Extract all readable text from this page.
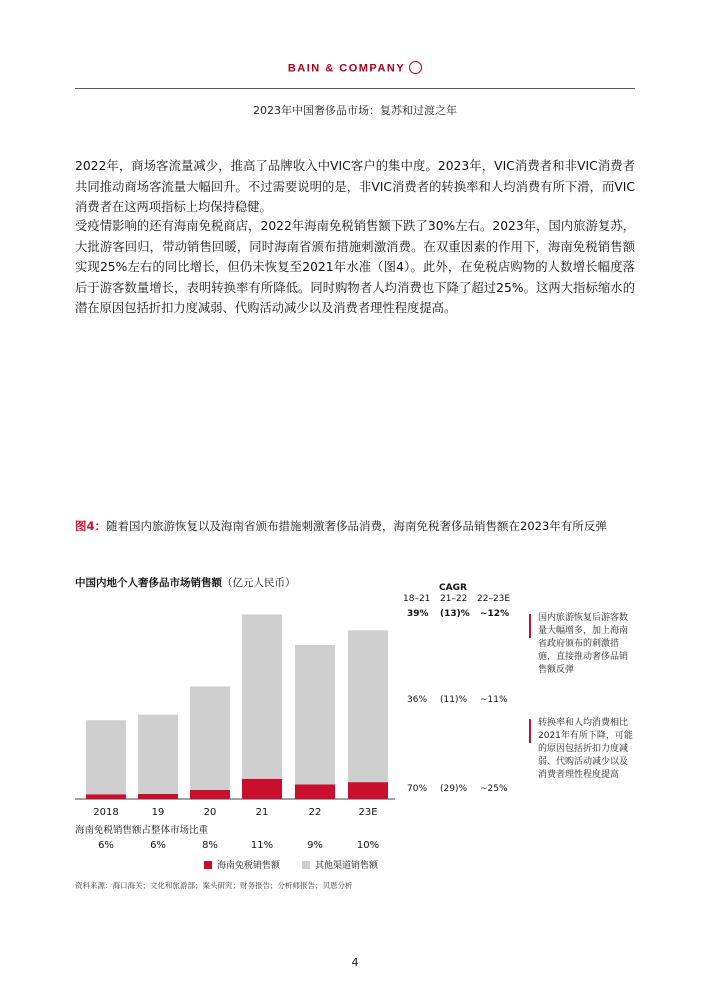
BAIN & COMPANY
2023年中国奢侈品市场：复苏和过渡之年
2022年，商场客流量减少，推高了品牌收入中VIC客户的集中度。2023年，VIC消费者和非VIC消费者共同推动商场客流量大幅回升。不过需要说明的是，非VIC消费者的转换率和人均消费有所下滑，而VIC消费者在这两项指标上均保持稳健。
受疫情影响的还有海南免税商店，2022年海南免税销售额下跌了30%左右。2023年，国内旅游复苏，大批游客回归，带动销售回暖，同时海南省颁布措施刺激消费。在双重因素的作用下，海南免税销售额实现25%左右的同比增长，但仍未恢复至2021年水准（图4）。此外，在免税店购物的人数增长幅度落后于游客数量增长，表明转换率有所降低。同时购物者人均消费也下降了超过25%。这两大指标缩水的潜在原因包括折扣力度减弱、代购活动减少以及消费者理性程度提高。
图4：随着国内旅游恢复以及海南省颁布措施刺激奢侈品消费，海南免税奢侈品销售额在2023年有所反弹
中国内地个人奢侈品市场销售额（亿元人民币）	CAGR
18–21 21–22 22–23E
39% (13)% ~12%
36% (11)% ~11%
70% (29)% ~25%
国内旅游恢复后游客数量大幅增多，加上海南省政府颁布的刺激措施，直接推动奢侈品销售额反弹
转换率和人均消费相比2021年有所下降，可能的原因包括折扣力度减弱、代购活动减少以及消费者理性程度提高
2018
6%
19
6%
20
8%
21
11%
22
9%
23E
10%
海南免税销售额占整体市场比重
海南免税销售额	其他渠道销售额
资料来源：海口海关；文化和旅游部；案头研究；财务报告；分析师报告；贝恩分析
4
